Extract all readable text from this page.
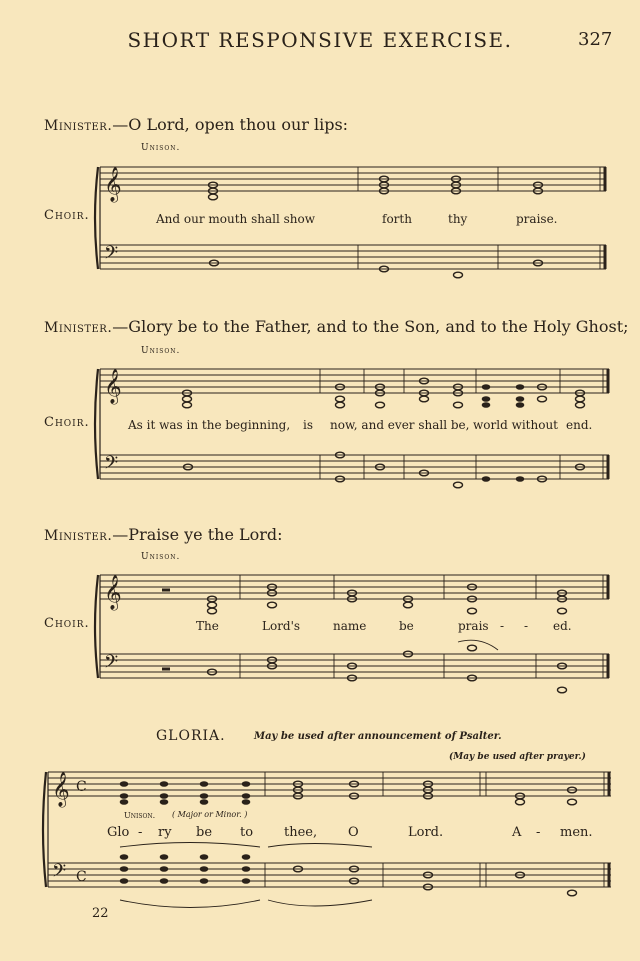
SHORT RESPONSIVE EXERCISE.	327
Minister.—O Lord, open thou our lips:
Unison.
Choir.	And our mouth shall show	forth	thy	praise.
Minister.—Glory be to the Father, and to the Son, and to the Holy Ghost;
Unison.
Choir.	As it was in the beginning, is now, and ever shall be, world without end.
Minister.—Praise ye the Lord:
Unison.
Choir.	The	Lord's	name	be	prais - - ed.
GLORIA.	May be used after announcement of Psalter.
(May be used after prayer.)
Unison. ( Major or Minor. )
Glo - ry be to thee, O	Lord.	A - men.
22
𝄞
𝄢
𝄞
𝄢
𝄞
𝄢
𝄞
𝄢
C
C
